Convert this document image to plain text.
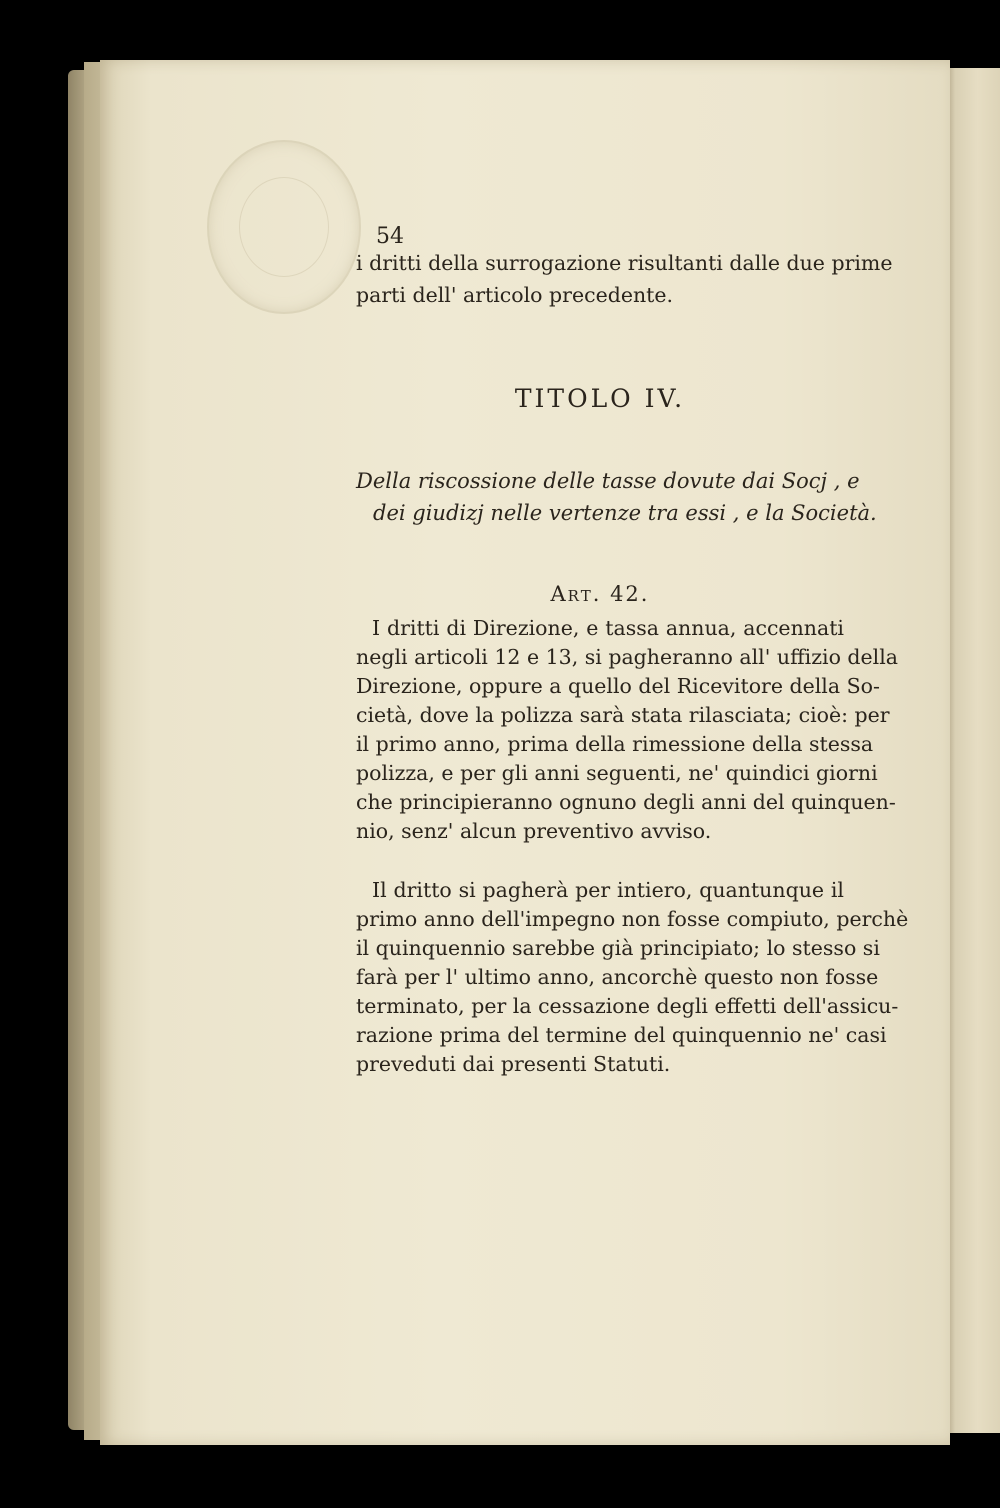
54
i dritti della surrogazione risultanti dalle due prime
parti dell' articolo precedente.
TITOLO IV.
Della riscossione delle tasse dovute dai Socj , e
dei giudizj nelle vertenze tra essi , e la Società.
Art. 42.
I dritti di Direzione, e tassa annua, accennati
negli articoli 12 e 13, si pagheranno all' uffizio della
Direzione, oppure a quello del Ricevitore della So-
cietà, dove la polizza sarà stata rilasciata; cioè: per
il primo anno, prima della rimessione della stessa
polizza, e per gli anni seguenti, ne' quindici giorni
che principieranno ognuno degli anni del quinquen-
nio, senz' alcun preventivo avviso.
Il dritto si pagherà per intiero, quantunque il
primo anno dell'impegno non fosse compiuto, perchè
il quinquennio sarebbe già principiato; lo stesso si
farà per l' ultimo anno, ancorchè questo non fosse
terminato, per la cessazione degli effetti dell'assicu-
razione prima del termine del quinquennio ne' casi
preveduti dai presenti Statuti.
